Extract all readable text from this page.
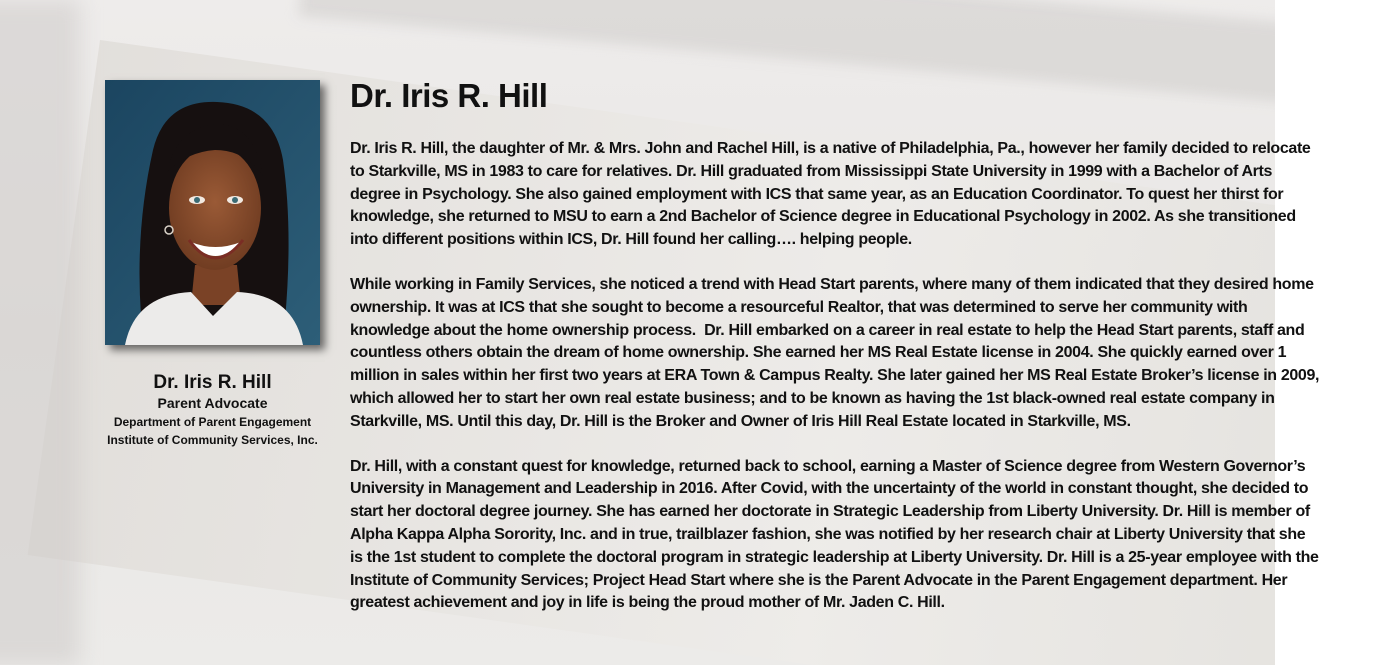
Dr. Iris R. Hill
Parent Advocate
Department of Parent Engagement
Institute of Community Services, Inc.
Dr. Iris R. Hill

Dr. Iris R. Hill, the daughter of Mr. & Mrs. John and Rachel Hill, is a native of Philadelphia, Pa., however her family decided to relocate to Starkville, MS in 1983 to care for relatives. Dr. Hill graduated from Mississippi State University in 1999 with a Bachelor of Arts degree in Psychology. She also gained employment with ICS that same year, as an Education Coordinator. To quest her thirst for knowledge, she returned to MSU to earn a 2nd Bachelor of Science degree in Educational Psychology in 2002. As she transitioned into different positions within ICS, Dr. Hill found her calling…. helping people.

While working in Family Services, she noticed a trend with Head Start parents, where many of them indicated that they desired home ownership. It was at ICS that she sought to become a resourceful Realtor, that was determined to serve her community with knowledge about the home ownership process.  Dr. Hill embarked on a career in real estate to help the Head Start parents, staff and countless others obtain the dream of home ownership. She earned her MS Real Estate license in 2004. She quickly earned over 1 million in sales within her first two years at ERA Town & Campus Realty. She later gained her MS Real Estate Broker’s license in 2009, which allowed her to start her own real estate business; and to be known as having the 1st black-owned real estate company in Starkville, MS. Until this day, Dr. Hill is the Broker and Owner of Iris Hill Real Estate located in Starkville, MS.

Dr. Hill, with a constant quest for knowledge, returned back to school, earning a Master of Science degree from Western Governor’s University in Management and Leadership in 2016. After Covid, with the uncertainty of the world in constant thought, she decided to start her doctoral degree journey. She has earned her doctorate in Strategic Leadership from Liberty University. Dr. Hill is member of Alpha Kappa Alpha Sorority, Inc. and in true, trailblazer fashion, she was notified by her research chair at Liberty University that she is the 1st student to complete the doctoral program in strategic leadership at Liberty University. Dr. Hill is a 25-year employee with the Institute of Community Services; Project Head Start where she is the Parent Advocate in the Parent Engagement department. Her greatest achievement and joy in life is being the proud mother of Mr. Jaden C. Hill.
